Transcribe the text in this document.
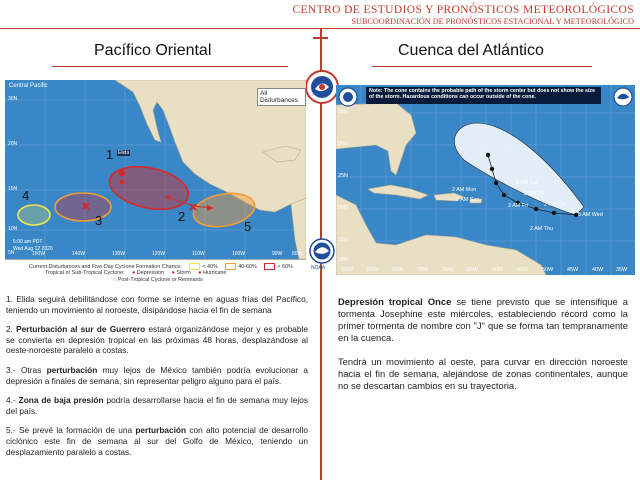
CENTRO DE ESTUDIOS Y PRONÓSTICOS METEOROLÓGICOS
SUBCOORDINACIÓN DE PRONÓSTICOS ESTACIONAL Y METEOROLÓGICO
Pacífico Oriental	Cuenca del Atlántico
Central Pacific
All Disturbances
Elida
5:00 am PDT
Wed Aug 12 2020
30N
20N
15N
10N
5N	150W	140W	130W	120W	110W	100W	90W 80W
1
2
3
4
5
NOAA
Current Disturbances and Five-Day Cyclone Formation Chance:	< 40%	40-60%	> 60%
Tropical or Sub-Tropical Cyclone: ● Depression ● Storm ● Hurricane
○ Post-Tropical Cyclone or Remnants
Note: The cone contains the probable path of the storm center but does not show the size of the storm. Hazardous conditions can occur outside of the cone.
2 AM Sat
2 PM Fri
2 AM Fri	2 PM Thu
2 AM Thu
5 AM Wed
2 AM Mon
2 AM Sun
35N
30N
25N
20N
15N
10N
90W	85W	80W	75W	70W	65W	60W	55W	50W	45W	40W 35W

1. Elida seguirá debilitándose con forme se interne en aguas frías del Pacífico, teniendo un movimiento al noroeste, disipándose hacia el fin de semana

2. Perturbación al sur de Guerrero estará organizándose mejor y es probable se convierta en depresión tropical en las próximas 48 horas, desplazándose al oeste-noroeste paralelo a costas.

3.- Otras perturbación muy lejos de México también podría evolucionar a depresión a finales de semana, sin representar peligro alguno para el país.

4.- Zona de baja presión podría desarrollarse hacia el fin de semana muy lejos del país.

5.- Se prevé la formación de una perturbación con alto potencial de desarrollo ciclónico este fin de semana al sur del Golfo de México, teniendo un desplazamiento paralelo a costas.

Depresión tropical Once se tiene previsto que se intensifique a tormenta Josephine este miércoles, estableciendo récord como la primer tormenta de nombre con "J" que se forma tan tempranamente en la cuenca.

Tendrá un movimiento al oeste, para curvar en dirección noroeste hacia el fin de semana, alejándose de zonas continentales, aunque no se descartan cambios en su trayectoria.
